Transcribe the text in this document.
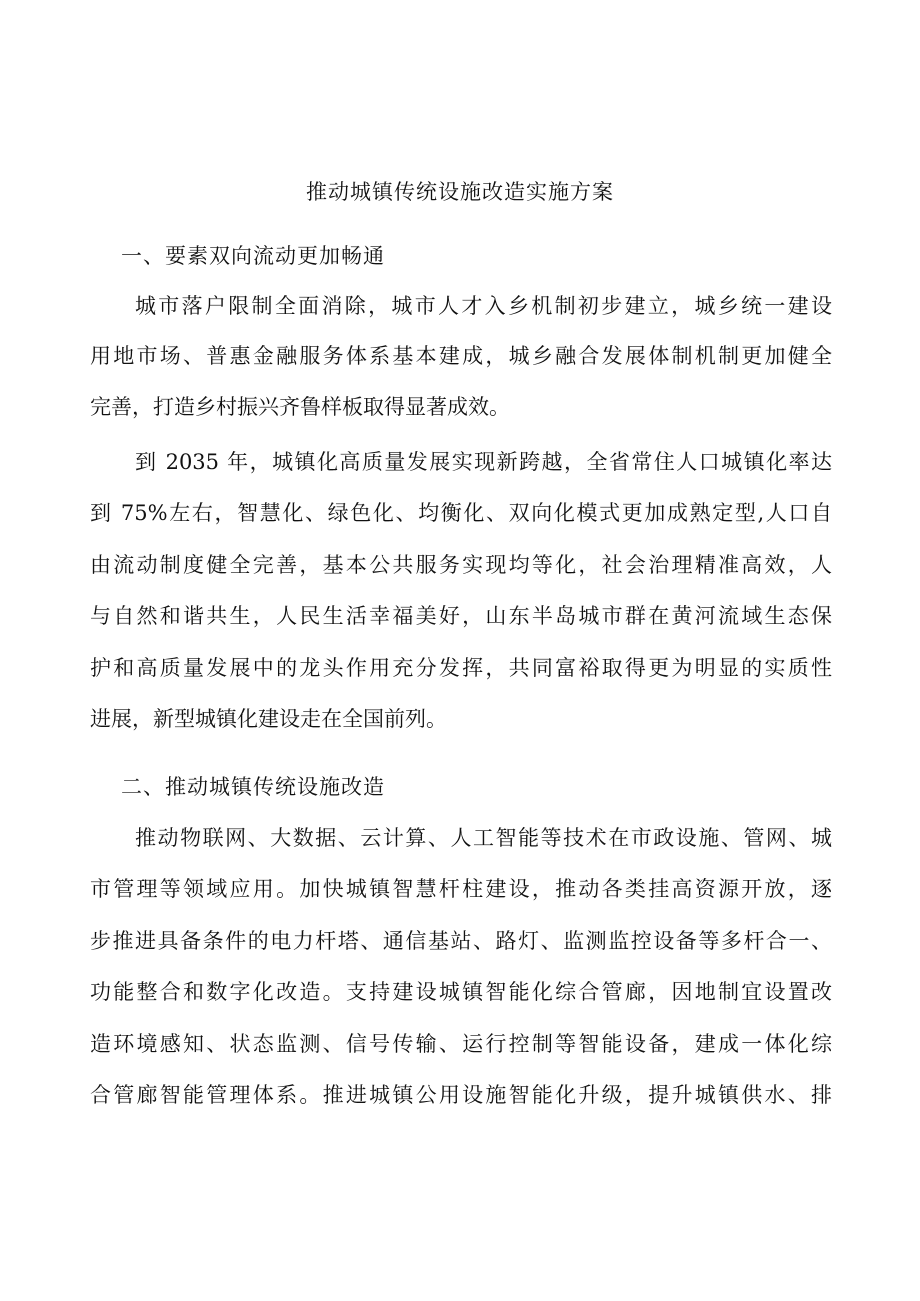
推动城镇传统设施改造实施方案
一、要素双向流动更加畅通
城市落户限制全面消除，城市人才入乡机制初步建立，城乡统一建设
用地市场、普惠金融服务体系基本建成，城乡融合发展体制机制更加健全
完善，打造乡村振兴齐鲁样板取得显著成效。
到 2035 年，城镇化高质量发展实现新跨越，全省常住人口城镇化率达
到 75%左右，智慧化、绿色化、均衡化、双向化模式更加成熟定型,人口自
由流动制度健全完善，基本公共服务实现均等化，社会治理精准高效，人
与自然和谐共生，人民生活幸福美好，山东半岛城市群在黄河流域生态保
护和高质量发展中的龙头作用充分发挥，共同富裕取得更为明显的实质性
进展，新型城镇化建设走在全国前列。
二、推动城镇传统设施改造
推动物联网、大数据、云计算、人工智能等技术在市政设施、管网、城
市管理等领域应用。加快城镇智慧杆柱建设，推动各类挂高资源开放，逐
步推进具备条件的电力杆塔、通信基站、路灯、监测监控设备等多杆合一、
功能整合和数字化改造。支持建设城镇智能化综合管廊，因地制宜设置改
造环境感知、状态监测、信号传输、运行控制等智能设备，建成一体化综
合管廊智能管理体系。推进城镇公用设施智能化升级，提升城镇供水、排
